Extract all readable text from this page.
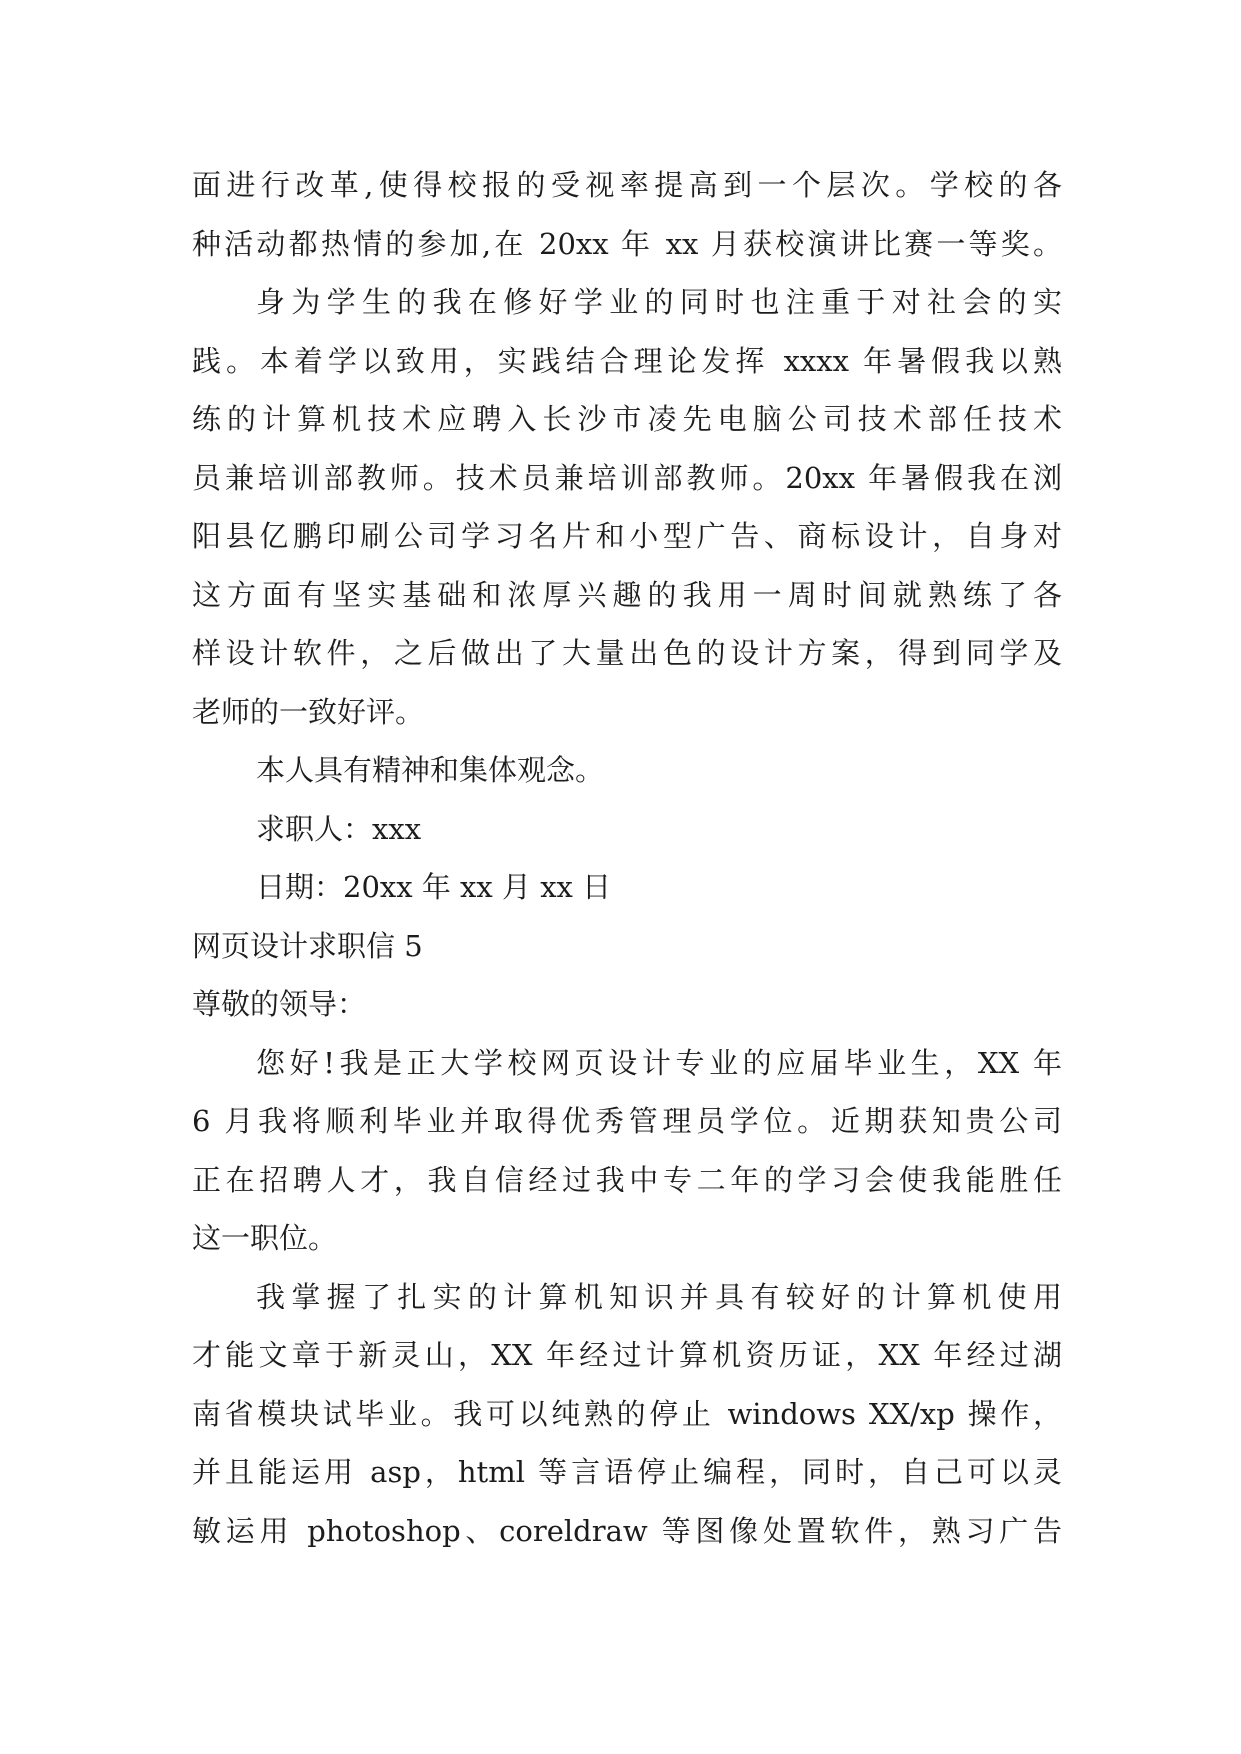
面进行改革,使得校报的受视率提高到一个层次。学校的各
种活动都热情的参加,在 20xx 年 xx 月获校演讲比赛一等奖。
身为学生的我在修好学业的同时也注重于对社会的实
践。本着学以致用，实践结合理论发挥 xxxx 年暑假我以熟
练的计算机技术应聘入长沙市凌先电脑公司技术部任技术
员兼培训部教师。技术员兼培训部教师。20xx 年暑假我在浏
阳县亿鹏印刷公司学习名片和小型广告、商标设计，自身对
这方面有坚实基础和浓厚兴趣的我用一周时间就熟练了各
样设计软件，之后做出了大量出色的设计方案，得到同学及
老师的一致好评。
本人具有精神和集体观念。
求职人：xxx
日期：20xx 年 xx 月 xx 日
网页设计求职信 5
尊敬的领导：
您好!我是正大学校网页设计专业的应届毕业生，XX 年
6 月我将顺利毕业并取得优秀管理员学位。近期获知贵公司
正在招聘人才，我自信经过我中专二年的学习会使我能胜任
这一职位。
我掌握了扎实的计算机知识并具有较好的计算机使用
才能文章于新灵山，XX 年经过计算机资历证，XX 年经过湖
南省模块试毕业。我可以纯熟的停止 windows XX/xp 操作，
并且能运用 asp，html 等言语停止编程，同时，自己可以灵
敏运用 photoshop、coreldraw 等图像处置软件，熟习广告
